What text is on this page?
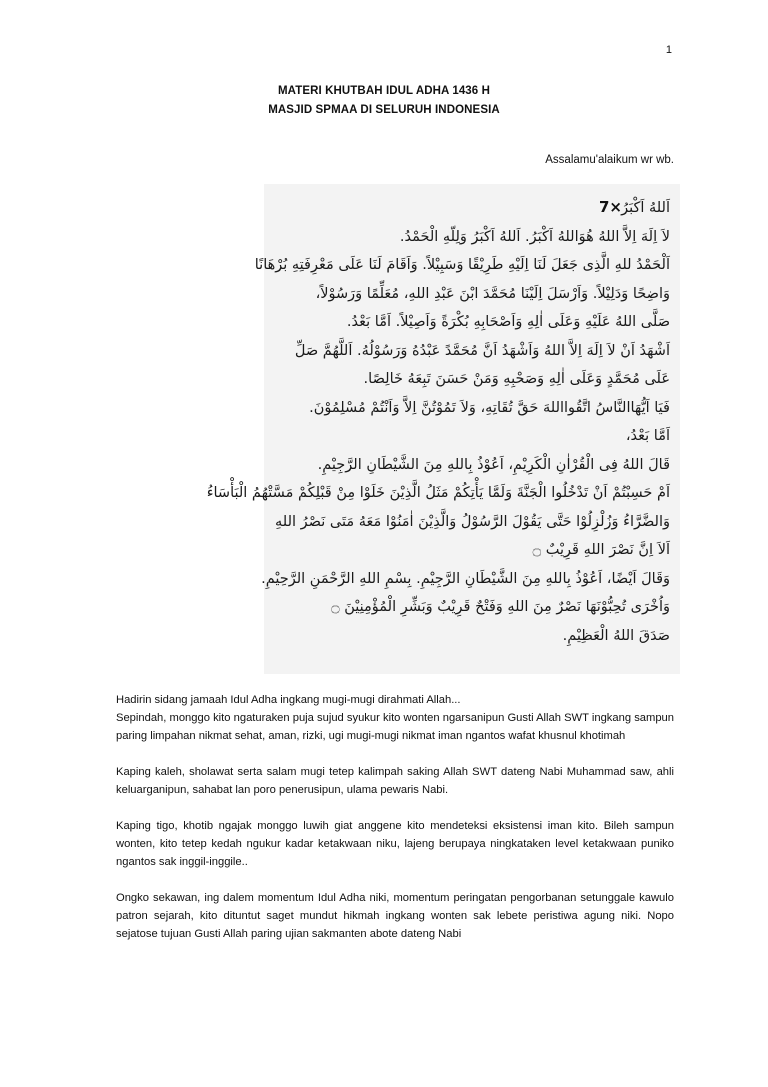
1
MATERI KHUTBAH IDUL ADHA 1436 H
MASJID SPMAA DI SELURUH INDONESIA
Assalamu'alaikum wr wb.
7× اَللهُ اَكْبَرُ
لاَ اِلَهَ اِلاَّ اللهُ هُوَاللهُ اَكْبَرُ. اَللهُ اَكْبَرُ وَلِلّهِ الْحَمْدُ.
اَلْحَمْدُ للهِ الَّذِى جَعَلَ لَنَا اِلَيْهِ طَرِيْقًا وَسَبِيْلاً. وَاَقَامَ لَنَا عَلَى مَعْرِفَتِهِ بُرْهَانًا
وَاضِحًا وَدَلِيْلاً. وَاَرْسَلَ اِلَيْنَا مُحَمَّدَ ابْنَ عَبْدِ اللهِ، مُعَلِّمًا وَرَسُوْلاً،
صَلَّى اللهُ عَلَيْهِ وَعَلَى اٰلِهِ وَاَصْحَابِهِ بُكْرَةً وَاَصِيْلاً. اَمَّا بَعْدُ.
اَشْهَدُ اَنْ لاَ اِلَهَ اِلاَّ اللهُ وَاَشْهَدُ اَنَّ مُحَمَّدً عَبْدُهُ وَرَسُوْلُهُ. اَللَّهُمَّ صَلِّ
عَلَى مُحَمَّدٍ وَعَلَى اٰلِهِ وَصَحْبِهِ وَمَنْ حَسَنَ تَبِعَهُ خَالِصًا.
فَيَا اَيُّهَاالنَّاسُ اتَّقُوااللهَ حَقَّ تُقَاتِهِ، وَلاَ تَمُوْتُنَّ اِلاَّ وَاَنْتُمْ مُسْلِمُوْنَ.
اَمَّا بَعْدُ،
قَالَ اللهُ فِى الْقُرْاٰنِ الْكَرِيْمِ، اَعُوْذُ بِاللهِ مِنَ الشَّيْطَانِ الرَّجِيْمِ.
اَمْ حَسِبْتُمْ اَنْ تَدْخُلُوا الْجَنَّةَ وَلَمَّا يَأْتِكُمْ مَثَلُ الَّذِيْنَ خَلَوْا مِنْ قَبْلِكُمْ مَسَّتْهُمُ الْبَأْسَاءُ
وَالضَّرَّاءُ وَزُلْزِلُوْا حَتَّى يَقُوْلَ الرَّسُوْلُ وَالَّذِيْنَ اٰمَنُوْا مَعَهُ مَتَى نَصْرُ اللهِ
اَلاَ اِنَّ نَصْرَ اللهِ قَرِيْبٌ ۝
وَقَالَ اَيْضًا، اَعُوْذُ بِاللهِ مِنَ الشَّيْطَانِ الرَّجِيْمِ. بِسْمِ اللهِ الرَّحْمَنِ الرَّحِيْمِ.
وَاُخْرَى تُحِبُّوْنَهَا نَصْرٌ مِنَ اللهِ وَفَتْحٌ قَرِيْبٌ وَبَشِّرِ الْمُؤْمِنِيْنَ ۝
صَدَقَ اللهُ الْعَظِيْمِ.

Hadirin sidang jamaah Idul Adha ingkang mugi-mugi dirahmati Allah...

Sepindah, monggo kito ngaturaken puja sujud syukur kito wonten ngarsanipun Gusti Allah SWT ingkang sampun paring limpahan nikmat sehat, aman, rizki, ugi mugi-mugi nikmat iman ngantos wafat khusnul khotimah

Kaping kaleh, sholawat serta salam mugi tetep kalimpah saking Allah SWT dateng Nabi Muhammad saw, ahli keluarganipun, sahabat lan poro penerusipun, ulama pewaris Nabi.

Kaping tigo, khotib ngajak monggo luwih giat anggene kito mendeteksi eksistensi iman kito. Bileh sampun wonten, kito tetep kedah ngukur kadar ketakwaan niku, lajeng berupaya ningkataken level ketakwaan puniko ngantos sak inggil-inggile..

Ongko sekawan, ing dalem momentum Idul Adha niki, momentum peringatan pengorbanan setunggale kawulo patron sejarah, kito dituntut saget mundut hikmah ingkang wonten sak lebete peristiwa agung niki. Nopo sejatose tujuan Gusti Allah paring ujian sakmanten abote dateng Nabi
